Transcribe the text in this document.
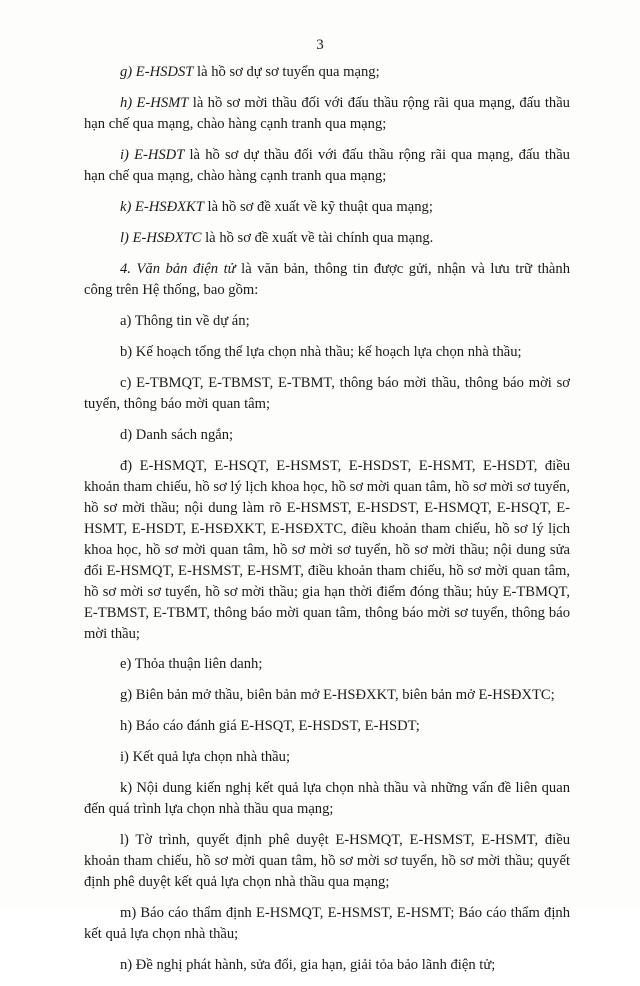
3

g) E-HSDST là hồ sơ dự sơ tuyển qua mạng;

h) E-HSMT là hồ sơ mời thầu đối với đấu thầu rộng rãi qua mạng, đấu thầu hạn chế qua mạng, chào hàng cạnh tranh qua mạng;

i) E-HSDT là hồ sơ dự thầu đối với đấu thầu rộng rãi qua mạng, đấu thầu hạn chế qua mạng, chào hàng cạnh tranh qua mạng;

k) E-HSĐXKT là hồ sơ đề xuất về kỹ thuật qua mạng;

l) E-HSĐXTC là hồ sơ đề xuất về tài chính qua mạng.

4. Văn bản điện tử là văn bản, thông tin được gửi, nhận và lưu trữ thành công trên Hệ thống, bao gồm:

a) Thông tin về dự án;

b) Kế hoạch tổng thể lựa chọn nhà thầu; kế hoạch lựa chọn nhà thầu;

c) E-TBMQT, E-TBMST, E-TBMT, thông báo mời thầu, thông báo mời sơ tuyển, thông báo mời quan tâm;

d) Danh sách ngắn;

đ) E-HSMQT, E-HSQT, E-HSMST, E-HSDST, E-HSMT, E-HSDT, điều khoản tham chiếu, hồ sơ lý lịch khoa học, hồ sơ mời quan tâm, hồ sơ mời sơ tuyển, hồ sơ mời thầu; nội dung làm rõ E-HSMST, E-HSDST, E-HSMQT, E-HSQT, E-HSMT, E-HSDT, E-HSĐXKT, E-HSĐXTC, điều khoản tham chiếu, hồ sơ lý lịch khoa học, hồ sơ mời quan tâm, hồ sơ mời sơ tuyển, hồ sơ mời thầu; nội dung sửa đổi E-HSMQT, E-HSMST, E-HSMT, điều khoản tham chiếu, hồ sơ mời quan tâm, hồ sơ mời sơ tuyển, hồ sơ mời thầu; gia hạn thời điểm đóng thầu; hủy E-TBMQT, E-TBMST, E-TBMT, thông báo mời quan tâm, thông báo mời sơ tuyển, thông báo mời thầu;

e) Thỏa thuận liên danh;

g) Biên bản mở thầu, biên bản mở E-HSĐXKT, biên bản mở E-HSĐXTC;

h) Báo cáo đánh giá E-HSQT, E-HSDST, E-HSDT;

i) Kết quả lựa chọn nhà thầu;

k) Nội dung kiến nghị kết quả lựa chọn nhà thầu và những vấn đề liên quan đến quá trình lựa chọn nhà thầu qua mạng;

l) Tờ trình, quyết định phê duyệt E-HSMQT, E-HSMST, E-HSMT, điều khoản tham chiếu, hồ sơ mời quan tâm, hồ sơ mời sơ tuyển, hồ sơ mời thầu; quyết định phê duyệt kết quả lựa chọn nhà thầu qua mạng;

m) Báo cáo thẩm định E-HSMQT, E-HSMST, E-HSMT; Báo cáo thẩm định kết quả lựa chọn nhà thầu;

n) Đề nghị phát hành, sửa đổi, gia hạn, giải tỏa bảo lãnh điện tử;
